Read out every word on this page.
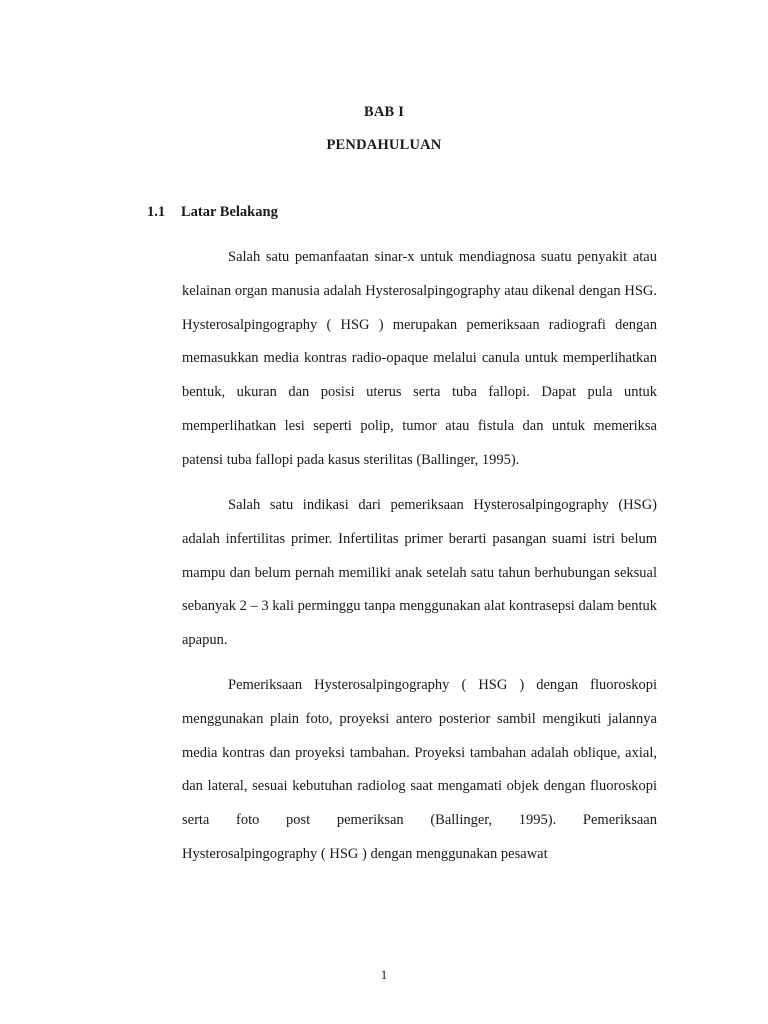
BAB I
PENDAHULUAN
1.1 Latar Belakang

Salah satu pemanfaatan sinar-x untuk mendiagnosa suatu penyakit atau kelainan organ manusia adalah Hysterosalpingography atau dikenal dengan HSG. Hysterosalpingography ( HSG ) merupakan pemeriksaan radiografi dengan memasukkan media kontras radio-opaque melalui canula untuk memperlihatkan bentuk, ukuran dan posisi uterus serta tuba fallopi. Dapat pula untuk memperlihatkan lesi seperti polip, tumor atau fistula dan untuk memeriksa patensi tuba fallopi pada kasus sterilitas (Ballinger, 1995).

Salah satu indikasi dari pemeriksaan Hysterosalpingography (HSG) adalah infertilitas primer. Infertilitas primer berarti pasangan suami istri belum mampu dan belum pernah memiliki anak setelah satu tahun berhubungan seksual sebanyak 2 – 3 kali perminggu tanpa menggunakan alat kontrasepsi dalam bentuk apapun.

Pemeriksaan Hysterosalpingography ( HSG ) dengan fluoroskopi menggunakan plain foto, proyeksi antero posterior sambil mengikuti jalannya media kontras dan proyeksi tambahan. Proyeksi tambahan adalah oblique, axial, dan lateral, sesuai kebutuhan radiolog saat mengamati objek dengan fluoroskopi serta foto post pemeriksan (Ballinger, 1995). Pemeriksaan Hysterosalpingography ( HSG ) dengan menggunakan pesawat

1
